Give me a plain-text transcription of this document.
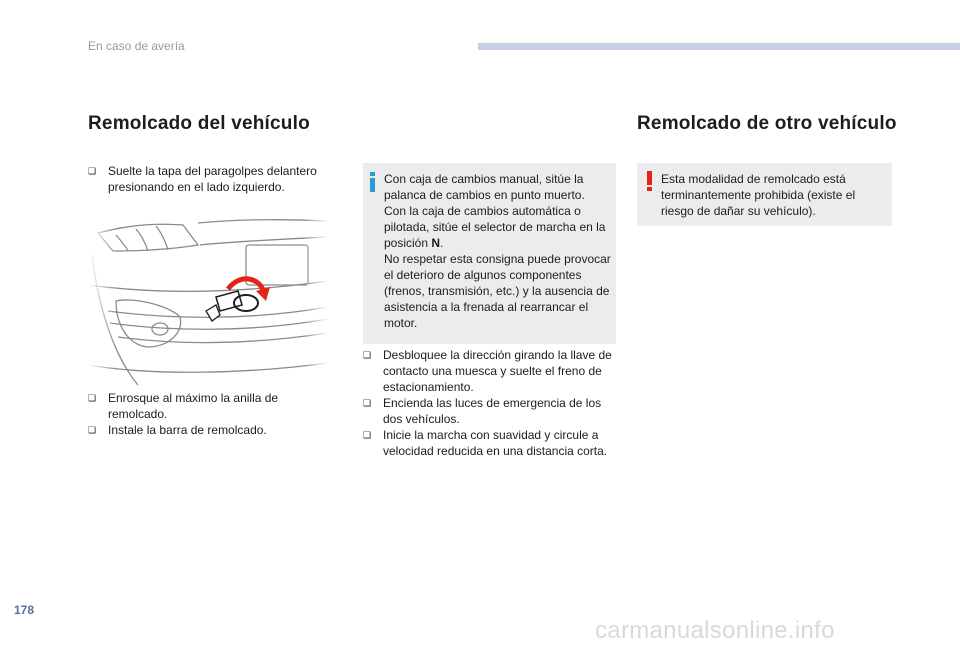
En caso de avería
Remolcado del vehículo	Remolcado de otro vehículo
❑ Suelte la tapa del paragolpes delantero presionando en el lado izquierdo.
❑ Enrosque al máximo la anilla de remolcado.
❑ Instale la barra de remolcado.

Con caja de cambios manual, sitúe la palanca de cambios en punto muerto.

Con la caja de cambios automática o pilotada, sitúe el selector de marcha en la posición N.

No respetar esta consigna puede provocar el deterioro de algunos componentes (frenos, transmisión, etc.) y la ausencia de asistencia a la frenada al rearrancar el motor.

❑ Desbloquee la dirección girando la llave de contacto una muesca y suelte el freno de estacionamiento.
❑ Encienda las luces de emergencia de los dos vehículos.
❑ Inicie la marcha con suavidad y circule a velocidad reducida en una distancia corta.
Esta modalidad de remolcado está terminantemente prohibida (existe el riesgo de dañar su vehículo).
178
carmanualsonline.info
